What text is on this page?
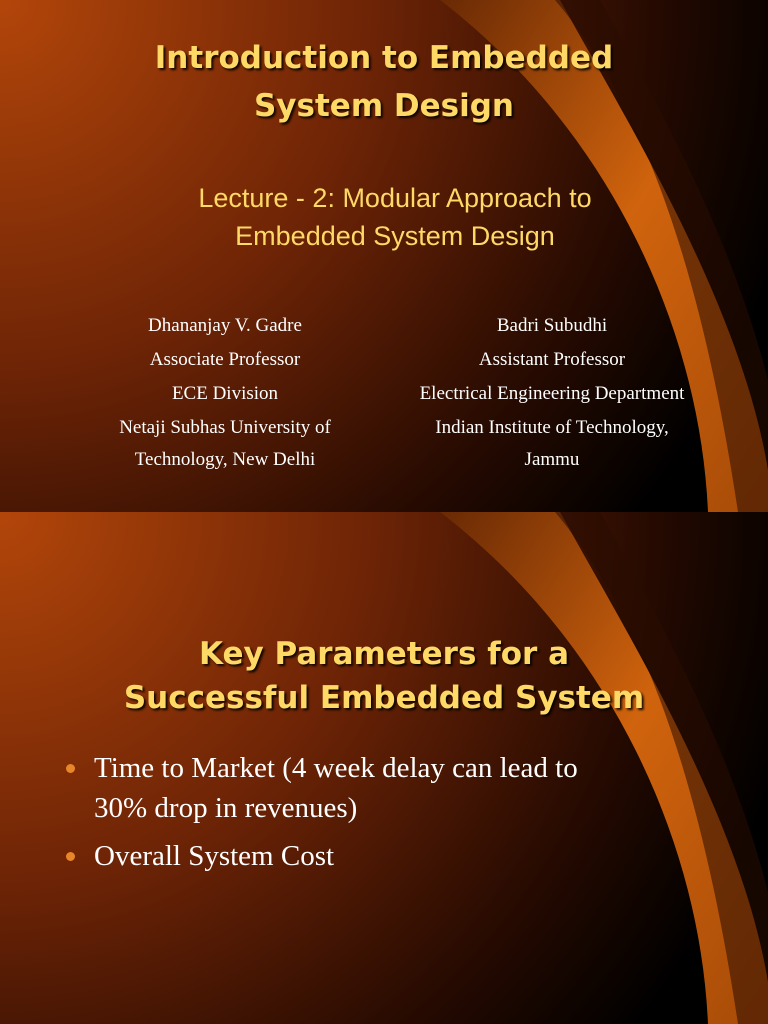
Introduction to Embedded
System Design
Lecture - 2: Modular Approach to
Embedded System Design
Dhananjay V. Gadre
Associate Professor
ECE Division
Netaji Subhas University of
Technology, New Delhi
Badri Subudhi
Assistant Professor
Electrical Engineering Department
Indian Institute of Technology,
Jammu
Key Parameters for a
Successful Embedded System
Time to Market (4 week delay can lead to
30% drop in revenues)
Overall System Cost
